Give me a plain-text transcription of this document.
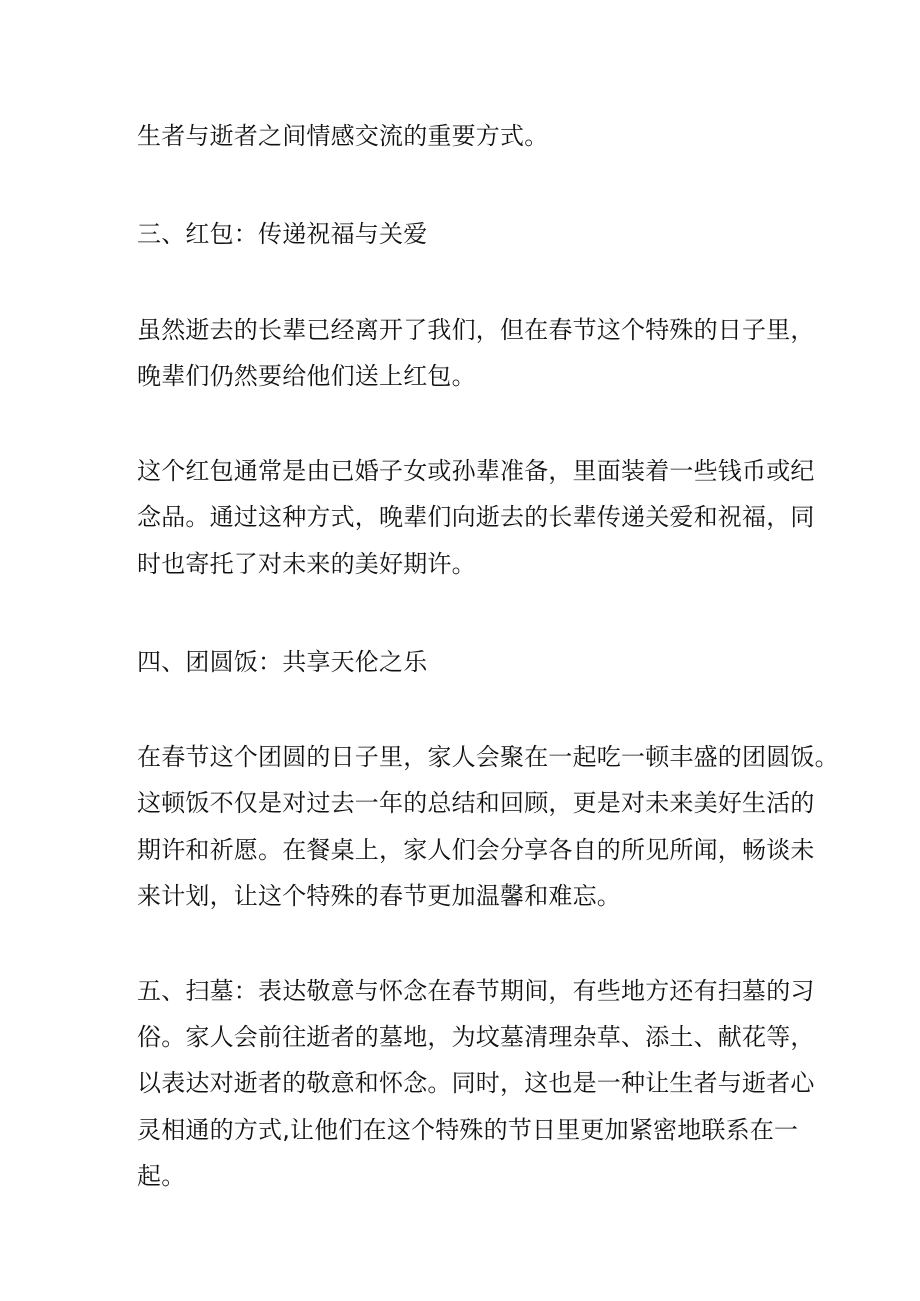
生者与逝者之间情感交流的重要方式。
三、红包：传递祝福与关爱
虽然逝去的长辈已经离开了我们，但在春节这个特殊的日子里，
晚辈们仍然要给他们送上红包。
这个红包通常是由已婚子女或孙辈准备，里面装着一些钱币或纪
念品。通过这种方式，晚辈们向逝去的长辈传递关爱和祝福，同
时也寄托了对未来的美好期许。
四、团圆饭：共享天伦之乐
在春节这个团圆的日子里，家人会聚在一起吃一顿丰盛的团圆饭。
这顿饭不仅是对过去一年的总结和回顾，更是对未来美好生活的
期许和祈愿。在餐桌上，家人们会分享各自的所见所闻，畅谈未
来计划，让这个特殊的春节更加温馨和难忘。
五、扫墓：表达敬意与怀念在春节期间，有些地方还有扫墓的习
俗。家人会前往逝者的墓地，为坟墓清理杂草、添土、献花等，
以表达对逝者的敬意和怀念。同时，这也是一种让生者与逝者心
灵相通的方式,让他们在这个特殊的节日里更加紧密地联系在一
起。
